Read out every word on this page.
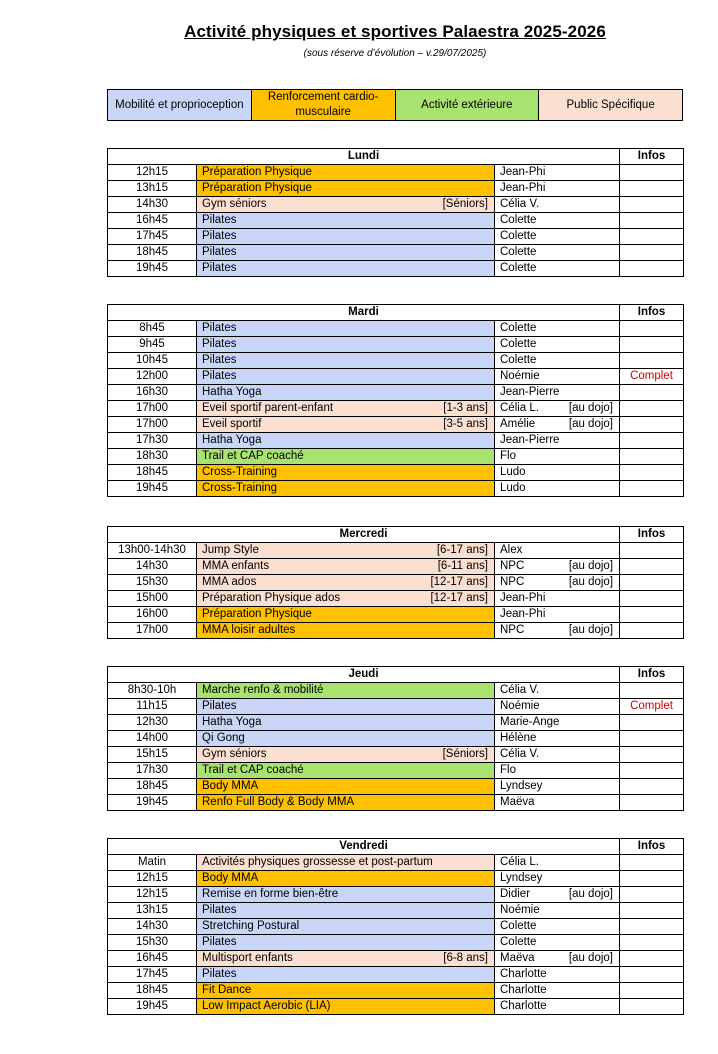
Activité physiques et sportives Palaestra 2025-2026
(sous réserve d’évolution – v.29/07/2025)
Mobilité et proprioception	Renforcement cardio-musculaire	Activité extérieure	Public Spécifique
Lundi			Infos
12h15	Préparation Physique	Jean-Phi	
13h15	Préparation Physique	Jean-Phi	
14h30	Gym séniors [Séniors]	Célia V.	
16h45	Pilates	Colette	
17h45	Pilates	Colette	
18h45	Pilates	Colette	
19h45	Pilates	Colette	
Mardi			Infos
8h45	Pilates	Colette	
9h45	Pilates	Colette	
10h45	Pilates	Colette	
12h00	Pilates	Noémie	Complet
16h30	Hatha Yoga	Jean-Pierre	
17h00	Eveil sportif parent-enfant [1-3 ans]	Célia L. [au dojo]	

17h00	Eveil sportif [3-5 ans]	Amélie [au dojo]	

17h30	Hatha Yoga	Jean-Pierre	
18h30	Trail et CAP coaché	Flo	
18h45	Cross-Training	Ludo	
19h45	Cross-Training	Ludo	
Mercredi			Infos
13h00-14h30	Jump Style [6-17 ans]	Alex	
14h30	MMA enfants [6-11 ans]	NPC [au dojo]	

15h30	MMA ados [12-17 ans]	NPC [au dojo]	

15h00	Préparation Physique ados [12-17 ans]	Jean-Phi	
16h00	Préparation Physique	Jean-Phi	
17h00	MMA loisir adultes	NPC [au dojo]	

Jeudi			Infos
8h30-10h	Marche renfo & mobilité	Célia V.	
11h15	Pilates	Noémie	Complet
12h30	Hatha Yoga	Marie-Ange	
14h00	Qi Gong	Hélène	
15h15	Gym séniors [Séniors]	Célia V.	
17h30	Trail et CAP coaché	Flo	
18h45	Body MMA	Lyndsey	
19h45	Renfo Full Body & Body MMA	Maëva	
Vendredi			Infos
Matin	Activités physiques grossesse et post-partum	Célia L.	
12h15	Body MMA	Lyndsey	
12h15	Remise en forme bien-être	Didier [au dojo]	

13h15	Pilates	Noémie	
14h30	Stretching Postural	Colette	
15h30	Pilates	Colette	
16h45	Multisport enfants [6-8 ans]	Maëva [au dojo]	

17h45	Pilates	Charlotte	
18h45	Fit Dance	Charlotte	
19h45	Low Impact Aerobic (LIA)	Charlotte	
